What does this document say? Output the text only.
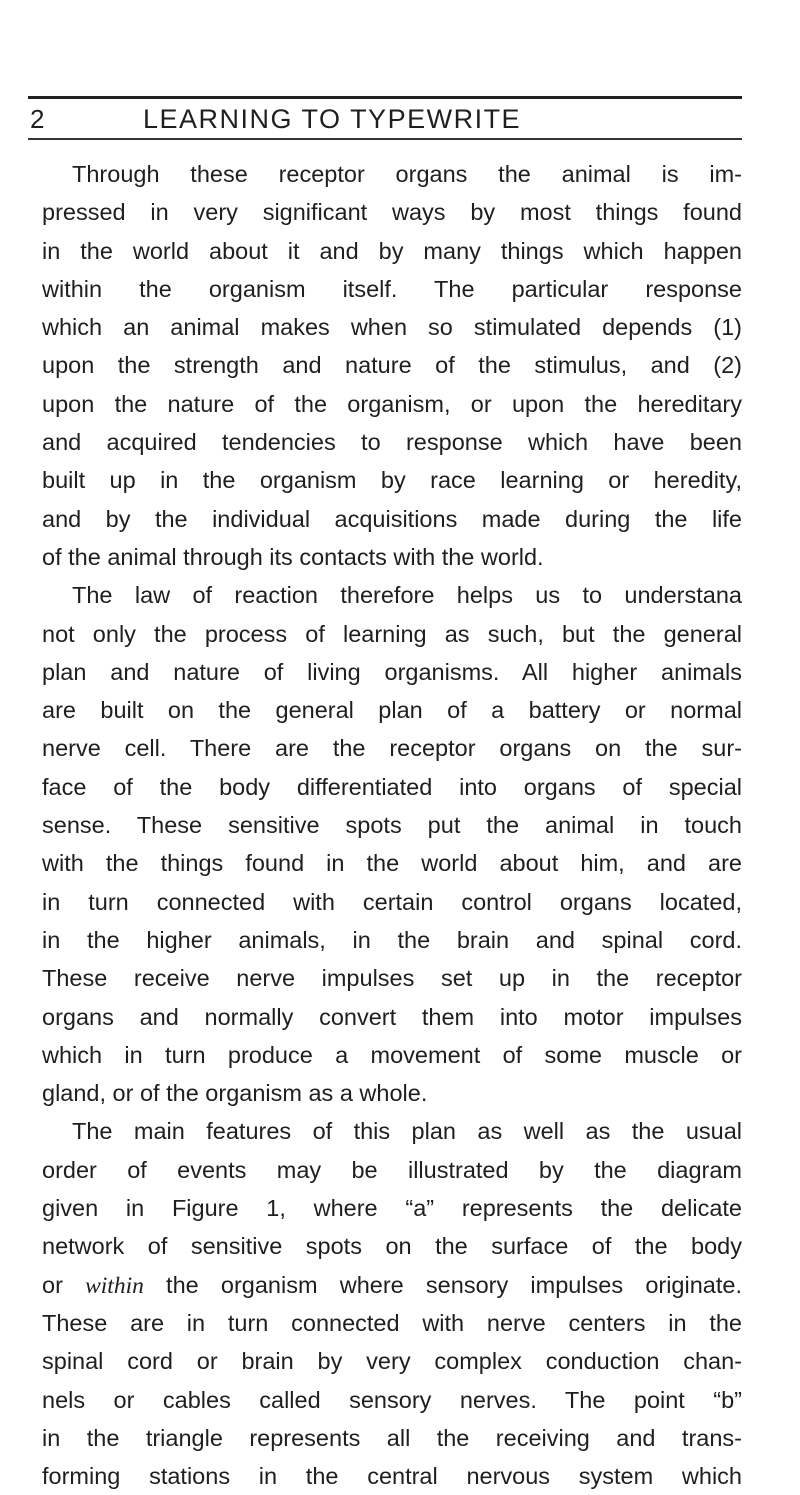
2	LEARNING TO TYPEWRITE
Through these receptor organs the animal is im-
pressed in very significant ways by most things found
in the world about it and by many things which happen
within the organism itself. The particular response
which an animal makes when so stimulated depends (1)
upon the strength and nature of the stimulus, and (2)
upon the nature of the organism, or upon the hereditary
and acquired tendencies to response which have been
built up in the organism by race learning or heredity,
and by the individual acquisitions made during the life
of the animal through its contacts with the world.
The law of reaction therefore helps us to understana
not only the process of learning as such, but the general
plan and nature of living organisms. All higher animals
are built on the general plan of a battery or normal
nerve cell. There are the receptor organs on the sur-
face of the body differentiated into organs of special
sense. These sensitive spots put the animal in touch
with the things found in the world about him, and are
in turn connected with certain control organs located,
in the higher animals, in the brain and spinal cord.
These receive nerve impulses set up in the receptor
organs and normally convert them into motor impulses
which in turn produce a movement of some muscle or
gland, or of the organism as a whole.
The main features of this plan as well as the usual
order of events may be illustrated by the diagram
given in Figure 1, where “a” represents the delicate
network of sensitive spots on the surface of the body
or within the organism where sensory impulses originate.
These are in turn connected with nerve centers in the
spinal cord or brain by very complex conduction chan-
nels or cables called sensory nerves. The point “b”
in the triangle represents all the receiving and trans-
forming stations in the central nervous system which
